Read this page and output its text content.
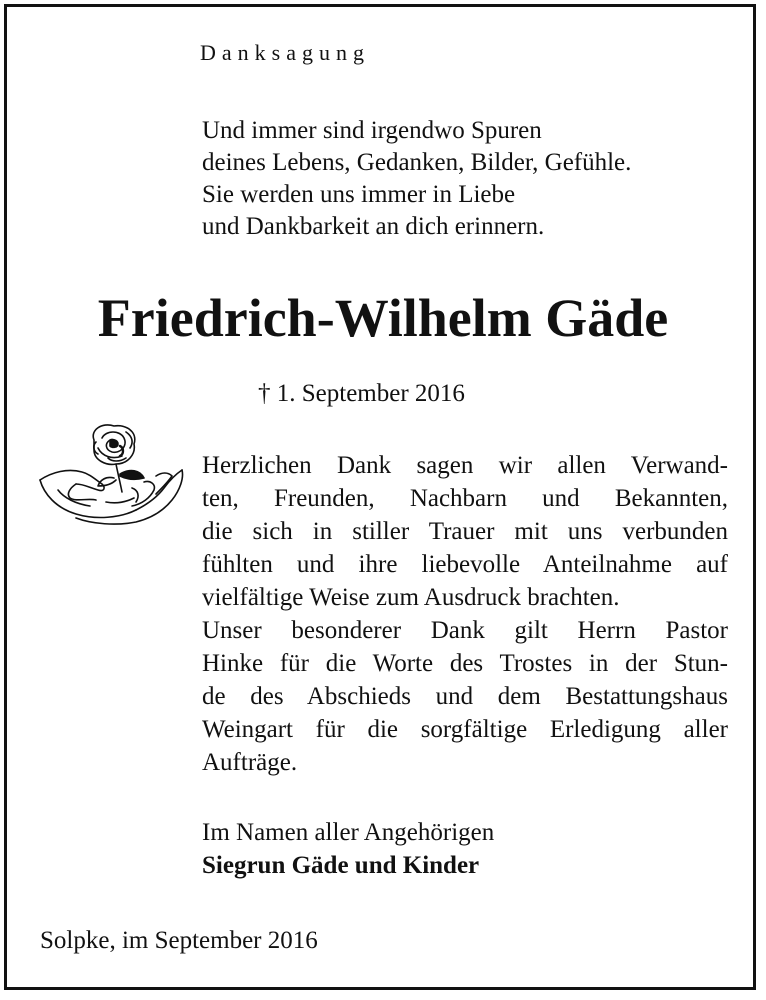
Danksagung
Und immer sind irgendwo Spuren
deines Lebens, Gedanken, Bilder, Gefühle.
Sie werden uns immer in Liebe
und Dankbarkeit an dich erinnern.
Friedrich-Wilhelm Gäde
† 1. September 2016
Herzlichen Dank sagen wir allen Verwand-
ten, Freunden, Nachbarn und Bekannten,
die sich in stiller Trauer mit uns verbunden
fühlten und ihre liebevolle Anteilnahme auf
vielfältige Weise zum Ausdruck brachten.
Unser besonderer Dank gilt Herrn Pastor
Hinke für die Worte des Trostes in der Stun-
de des Abschieds und dem Bestattungshaus
Weingart für die sorgfältige Erledigung aller
Aufträge.
Im Namen aller Angehörigen
Siegrun Gäde und Kinder
Solpke, im September 2016
